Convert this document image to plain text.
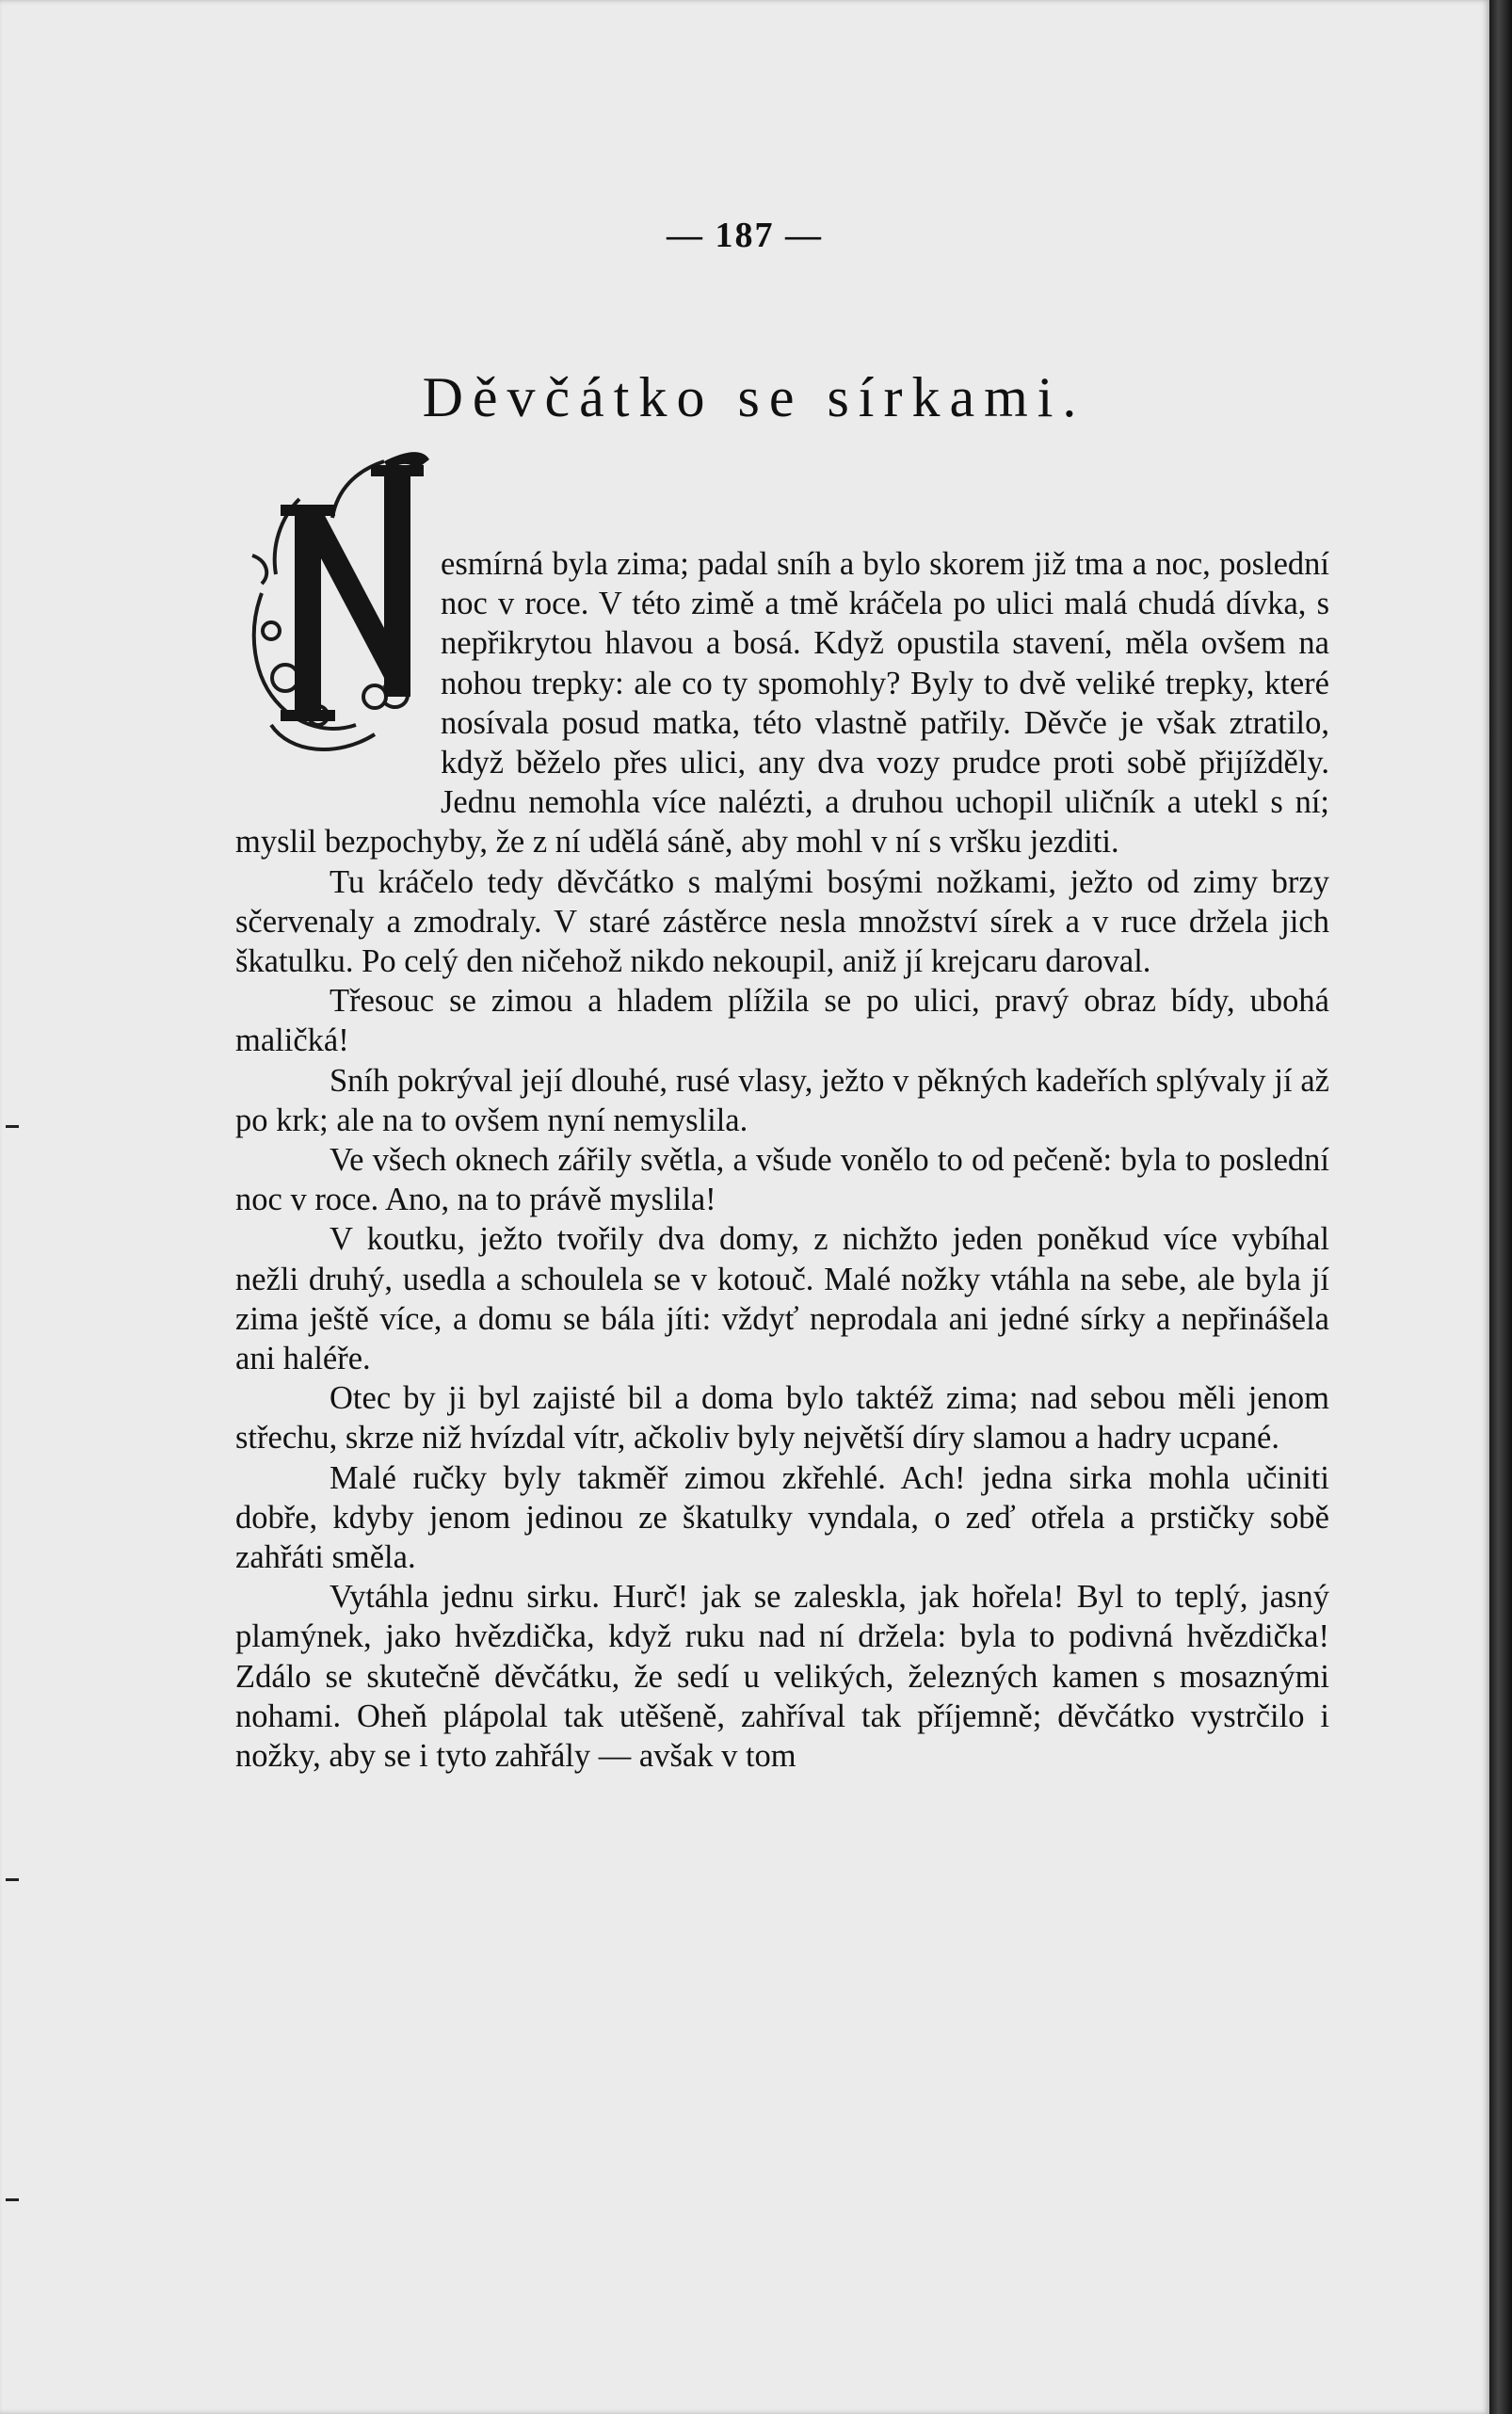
— 187 —
Děvčátko se sírkami.
N

esmírná byla zima; padal sníh a bylo skorem již tma a noc, poslední noc v roce. V této zimě a tmě kráčela po ulici malá chudá dívka, s nepřikrytou hlavou a bosá. Když opustila stavení, měla ovšem na nohou trepky: ale co ty spomohly? Byly to dvě veliké trepky, které nosívala posud matka, této vlastně patřily. Děvče je však ztratilo, když běželo přes ulici, any dva vozy prudce proti sobě přijížděly. Jednu nemohla více nalézti, a druhou uchopil uličník a utekl s ní; myslil bezpochyby, že z ní udělá sáně, aby mohl v ní s vršku jezditi.

Tu kráčelo tedy děvčátko s malými bosými nožkami, ježto od zimy brzy sčervenaly a zmodraly. V staré zástěrce nesla množství sírek a v ruce držela jich škatulku. Po celý den ničehož nikdo nekoupil, aniž jí krejcaru daroval.

Třesouc se zimou a hladem plížila se po ulici, pravý obraz bídy, ubohá maličká!

Sníh pokrýval její dlouhé, rusé vlasy, ježto v pěkných kadeřích splývaly jí až po krk; ale na to ovšem nyní nemyslila.

Ve všech oknech zářily světla, a všude vonělo to od pečeně: byla to poslední noc v roce. Ano, na to právě myslila!

V koutku, ježto tvořily dva domy, z nichžto jeden poněkud více vybíhal nežli druhý, usedla a schoulela se v kotouč. Malé nožky vtáhla na sebe, ale byla jí zima ještě více, a domu se bála jíti: vždyť neprodala ani jedné sírky a nepřinášela ani haléře.

Otec by ji byl zajisté bil a doma bylo taktéž zima; nad sebou měli jenom střechu, skrze niž hvízdal vítr, ačkoliv byly největší díry slamou a hadry ucpané.

Malé ručky byly takměř zimou zkřehlé. Ach! jedna sirka mohla učiniti dobře, kdyby jenom jedinou ze škatulky vyndala, o zeď otřela a prstičky sobě zahřáti směla.

Vytáhla jednu sirku. Hurč! jak se zaleskla, jak hořela! Byl to teplý, jasný plamýnek, jako hvězdička, když ruku nad ní držela: byla to podivná hvězdička! Zdálo se skutečně děvčátku, že sedí u velikých, železných kamen s mosaznými nohami. Oheň plápolal tak utěšeně, zahříval tak příjemně; děvčátko vystrčilo i nožky, aby se i tyto zahřály — avšak v tom
